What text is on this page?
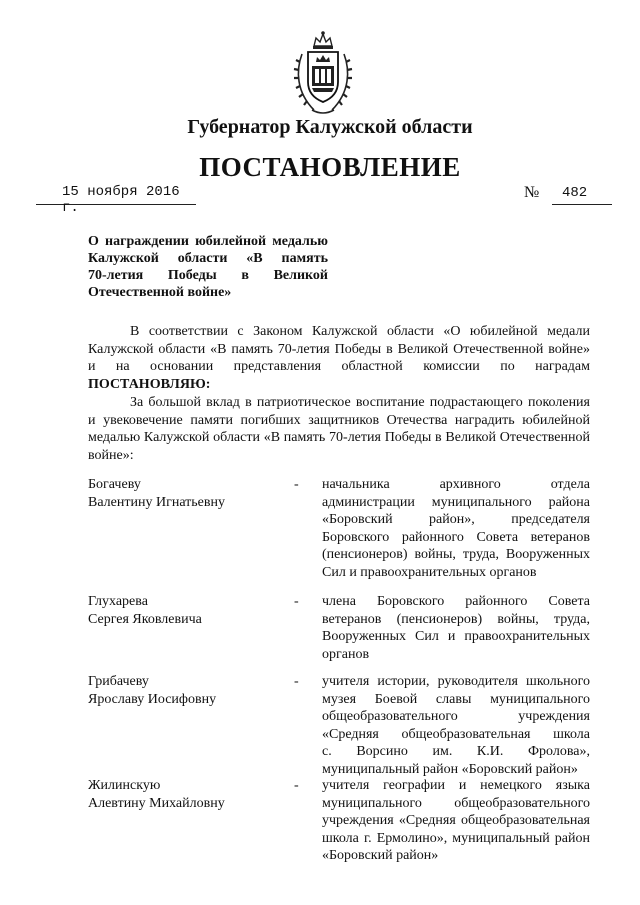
Губернатор Калужской области
ПОСТАНОВЛЕНИЕ
15 ноября 2016 г.
№ 482
О награждении юбилейной медалью
Калужской области «В память
70-летия Победы в Великой
Отечественной войне»
В соответствии с Законом Калужской области «О юбилейной медали
Калужской области «В память 70-летия Победы в Великой Отечественной войне»
и на основании представления областной комиссии по наградам
ПОСТАНОВЛЯЮ:
За большой вклад в патриотическое воспитание подрастающего поколения
и увековечение памяти погибших защитников Отечества наградить юбилейной
медалью Калужской области «В память 70-летия Победы в Великой Отечественной
войне»:
Богачеву
Валентину Игнатьевну
- начальника архивного отдела
администрации муниципального района
«Боровский район», председателя
Боровского районного Совета ветеранов
(пенсионеров) войны, труда, Вооруженных
Сил и правоохранительных органов
Глухарева
Сергея Яковлевича
- члена Боровского районного Совета
ветеранов (пенсионеров) войны, труда,
Вооруженных Сил и правоохранительных
органов
Грибачеву
Ярославу Иосифовну
- учителя истории, руководителя школьного
музея Боевой славы муниципального
общеобразовательного учреждения
«Средняя общеобразовательная школа
с. Ворсино им. К.И. Фролова»,
муниципальный район «Боровский район»
Жилинскую
Алевтину Михайловну
- учителя географии и немецкого языка
муниципального общеобразовательного
учреждения «Средняя общеобразовательная
школа г. Ермолино», муниципальный район
«Боровский район»
